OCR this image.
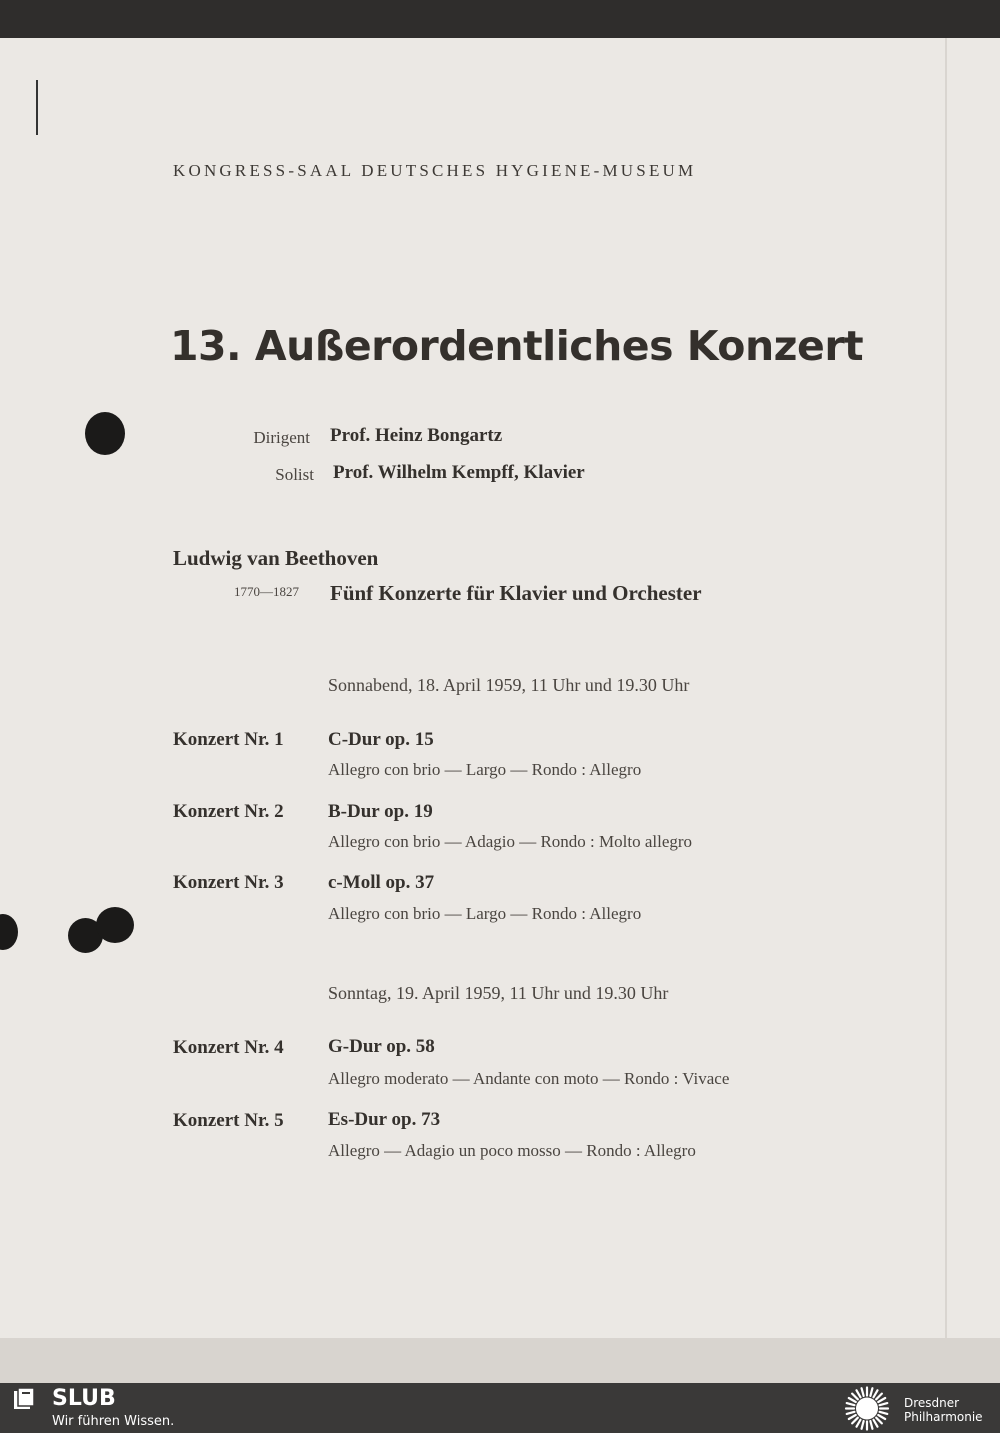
KONGRESS-SAAL DEUTSCHES HYGIENE-MUSEUM

13. Außerordentliches Konzert
Dirigent Prof. Heinz Bongartz
Solist Prof. Wilhelm Kempff, Klavier
Ludwig van Beethoven
1770—1827 Fünf Konzerte für Klavier und Orchester
Sonnabend, 18. April 1959, 11 Uhr und 19.30 Uhr
Konzert Nr. 1 C-Dur op. 15
Allegro con brio — Largo — Rondo : Allegro
Konzert Nr. 2 B-Dur op. 19
Allegro con brio — Adagio — Rondo : Molto allegro
Konzert Nr. 3 c-Moll op. 37
Allegro con brio — Largo — Rondo : Allegro
Sonntag, 19. April 1959, 11 Uhr und 19.30 Uhr
Konzert Nr. 4 G-Dur op. 58
Allegro moderato — Andante con moto — Rondo : Vivace
Konzert Nr. 5 Es-Dur op. 73
Allegro — Adagio un poco mosso — Rondo : Allegro
SLUB
Wir führen Wissen.
Dresdner
Philharmonie
